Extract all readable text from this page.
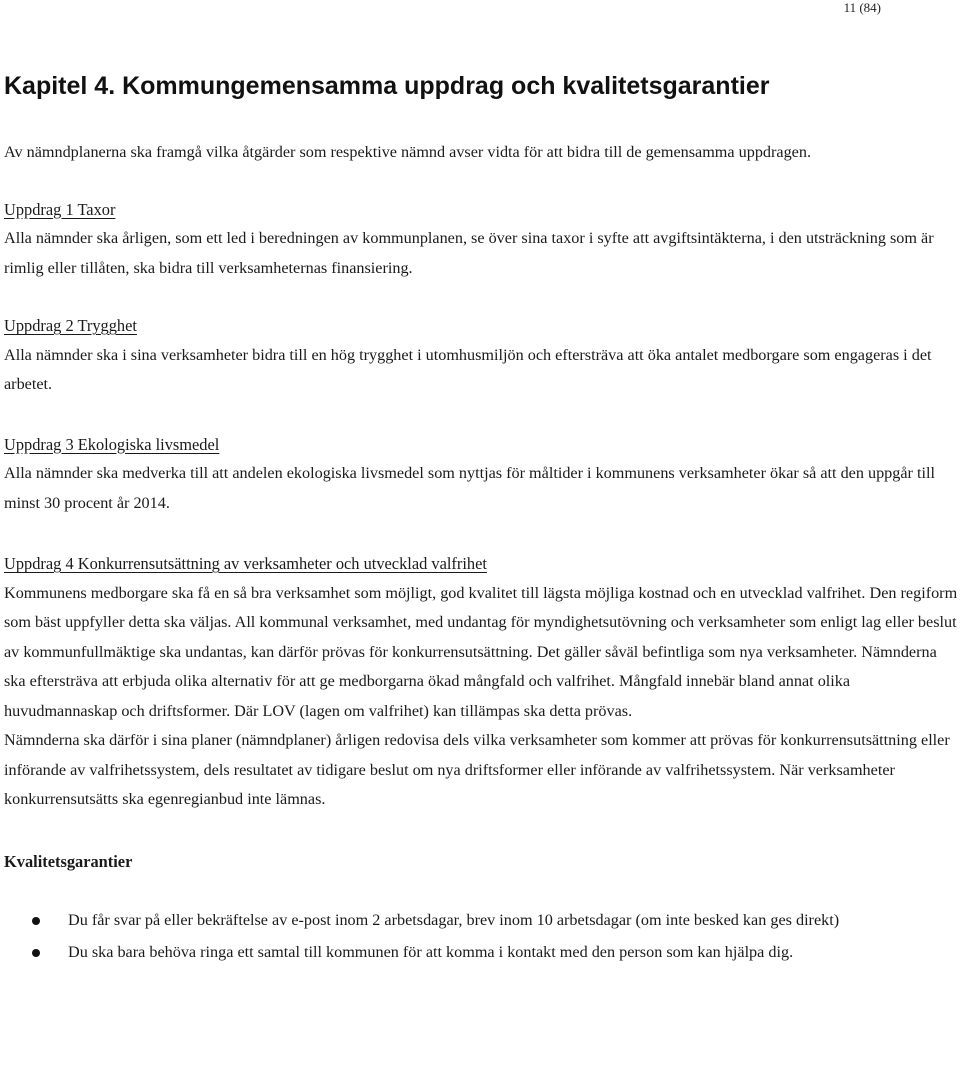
11 (84)
Kapitel 4. Kommungemensamma uppdrag och kvalitetsgarantier

Av nämndplanerna ska framgå vilka åtgärder som respektive nämnd avser vidta för att bidra till de gemensamma uppdragen.

Uppdrag 1 Taxor

Alla nämnder ska årligen, som ett led i beredningen av kommunplanen, se över sina taxor i syfte att avgiftsintäkterna, i den utsträckning som är rimlig eller tillåten, ska bidra till verksamheternas finansiering.

Uppdrag 2 Trygghet

Alla nämnder ska i sina verksamheter bidra till en hög trygghet i utomhusmiljön och eftersträva att öka antalet medborgare som engageras i det arbetet.

Uppdrag 3 Ekologiska livsmedel

Alla nämnder ska medverka till att andelen ekologiska livsmedel som nyttjas för måltider i kommunens verksamheter ökar så att den uppgår till minst 30 procent år 2014.

Uppdrag 4 Konkurrensutsättning av verksamheter och utvecklad valfrihet

Kommunens medborgare ska få en så bra verksamhet som möjligt, god kvalitet till lägsta möjliga kostnad och en utvecklad valfrihet. Den regiform som bäst uppfyller detta ska väljas. All kommunal verksamhet, med undantag för myndighetsutövning och verksamheter som enligt lag eller beslut av kommunfullmäktige ska undantas, kan därför prövas för konkurrensutsättning. Det gäller såväl befintliga som nya verksamheter. Nämnderna ska eftersträva att erbjuda olika alternativ för att ge medborgarna ökad mångfald och valfrihet. Mångfald innebär bland annat olika huvudmannaskap och driftsformer. Där LOV (lagen om valfrihet) kan tillämpas ska detta prövas.

Nämnderna ska därför i sina planer (nämndplaner) årligen redovisa dels vilka verksamheter som kommer att prövas för konkurrensutsättning eller införande av valfrihetssystem, dels resultatet av tidigare beslut om nya driftsformer eller införande av valfrihetssystem. När verksamheter konkurrensutsätts ska egenregianbud inte lämnas.

Kvalitetsgarantier

Du får svar på eller bekräftelse av e-post inom 2 arbetsdagar, brev inom 10 arbetsdagar (om inte besked kan ges direkt)
Du ska bara behöva ringa ett samtal till kommunen för att komma i kontakt med den person som kan hjälpa dig.
